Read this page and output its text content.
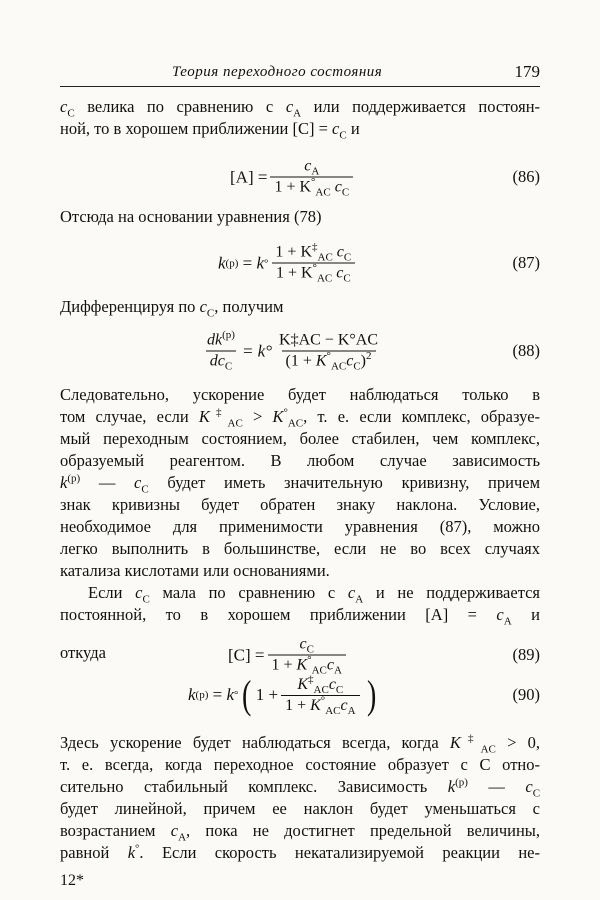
Теория переходного состояния	179
$c_C$ велика по сравнению с $c_A$ или поддерживается постоян-
ной, то в хорошем приближении $[C] = c_C$ и
$[A] = \frac{c_A}{1 + K^\circ_{AC} c_C}$	(86)
Отсюда на основании уравнения (78)
k (p) = k ° $\frac{1 + K^\ddagger_{AC} c_C}{1 + K^\circ_{AC} c_C}$	(87)
Дифференцируя по $c_C$, получим
$\frac{dk^{(p)}}{dc_C} = k^\circ \frac{K\ddagger AC - K^\circ AC}{(1 + K^\circ_{AC}c_C)^2}$	(88)
Следовательно, ускорение будет наблюдаться только в
том случае, если $K^\ddagger_{AC} > K^\circ_{AC}$, т. е. если комплекс, образуе-
мый переходным состоянием, более стабилен, чем комплекс,
образуемый реагентом. В любом случае зависимость
$k^{(p)}$ — $c_C$ будет иметь значительную кривизну, причем
знак кривизны будет обратен знаку наклона. Условие,
необходимое для применимости уравнения (87), можно
легко выполнить в большинстве, если не во всех случаях
катализа кислотами или основаниями.
Если $c_C$ мала по сравнению с $c_A$ и не поддерживается
постоянной, то в хорошем приближении $[A] = c_A$ и
$[C] = \frac{c_C}{1 + K^\circ_{AC}c_A}$	(89)
откуда
k (p) = k ° ( $1 + \frac{K^\ddagger_{AC}c_C}{1 + K^\circ_{AC}c_A}$ )	(90)
Здесь ускорение будет наблюдаться всегда, когда $K^\ddagger_{AC} > 0$,
т. е. всегда, когда переходное состояние образует с C отно-
сительно стабильный комплекс. Зависимость $k^{(p)}$ — $c_C$
будет линейной, причем ее наклон будет уменьшаться с
возрастанием $c_A$, пока не достигнет предельной величины,
равной k°. Если скорость некатализируемой реакции не-
12*
